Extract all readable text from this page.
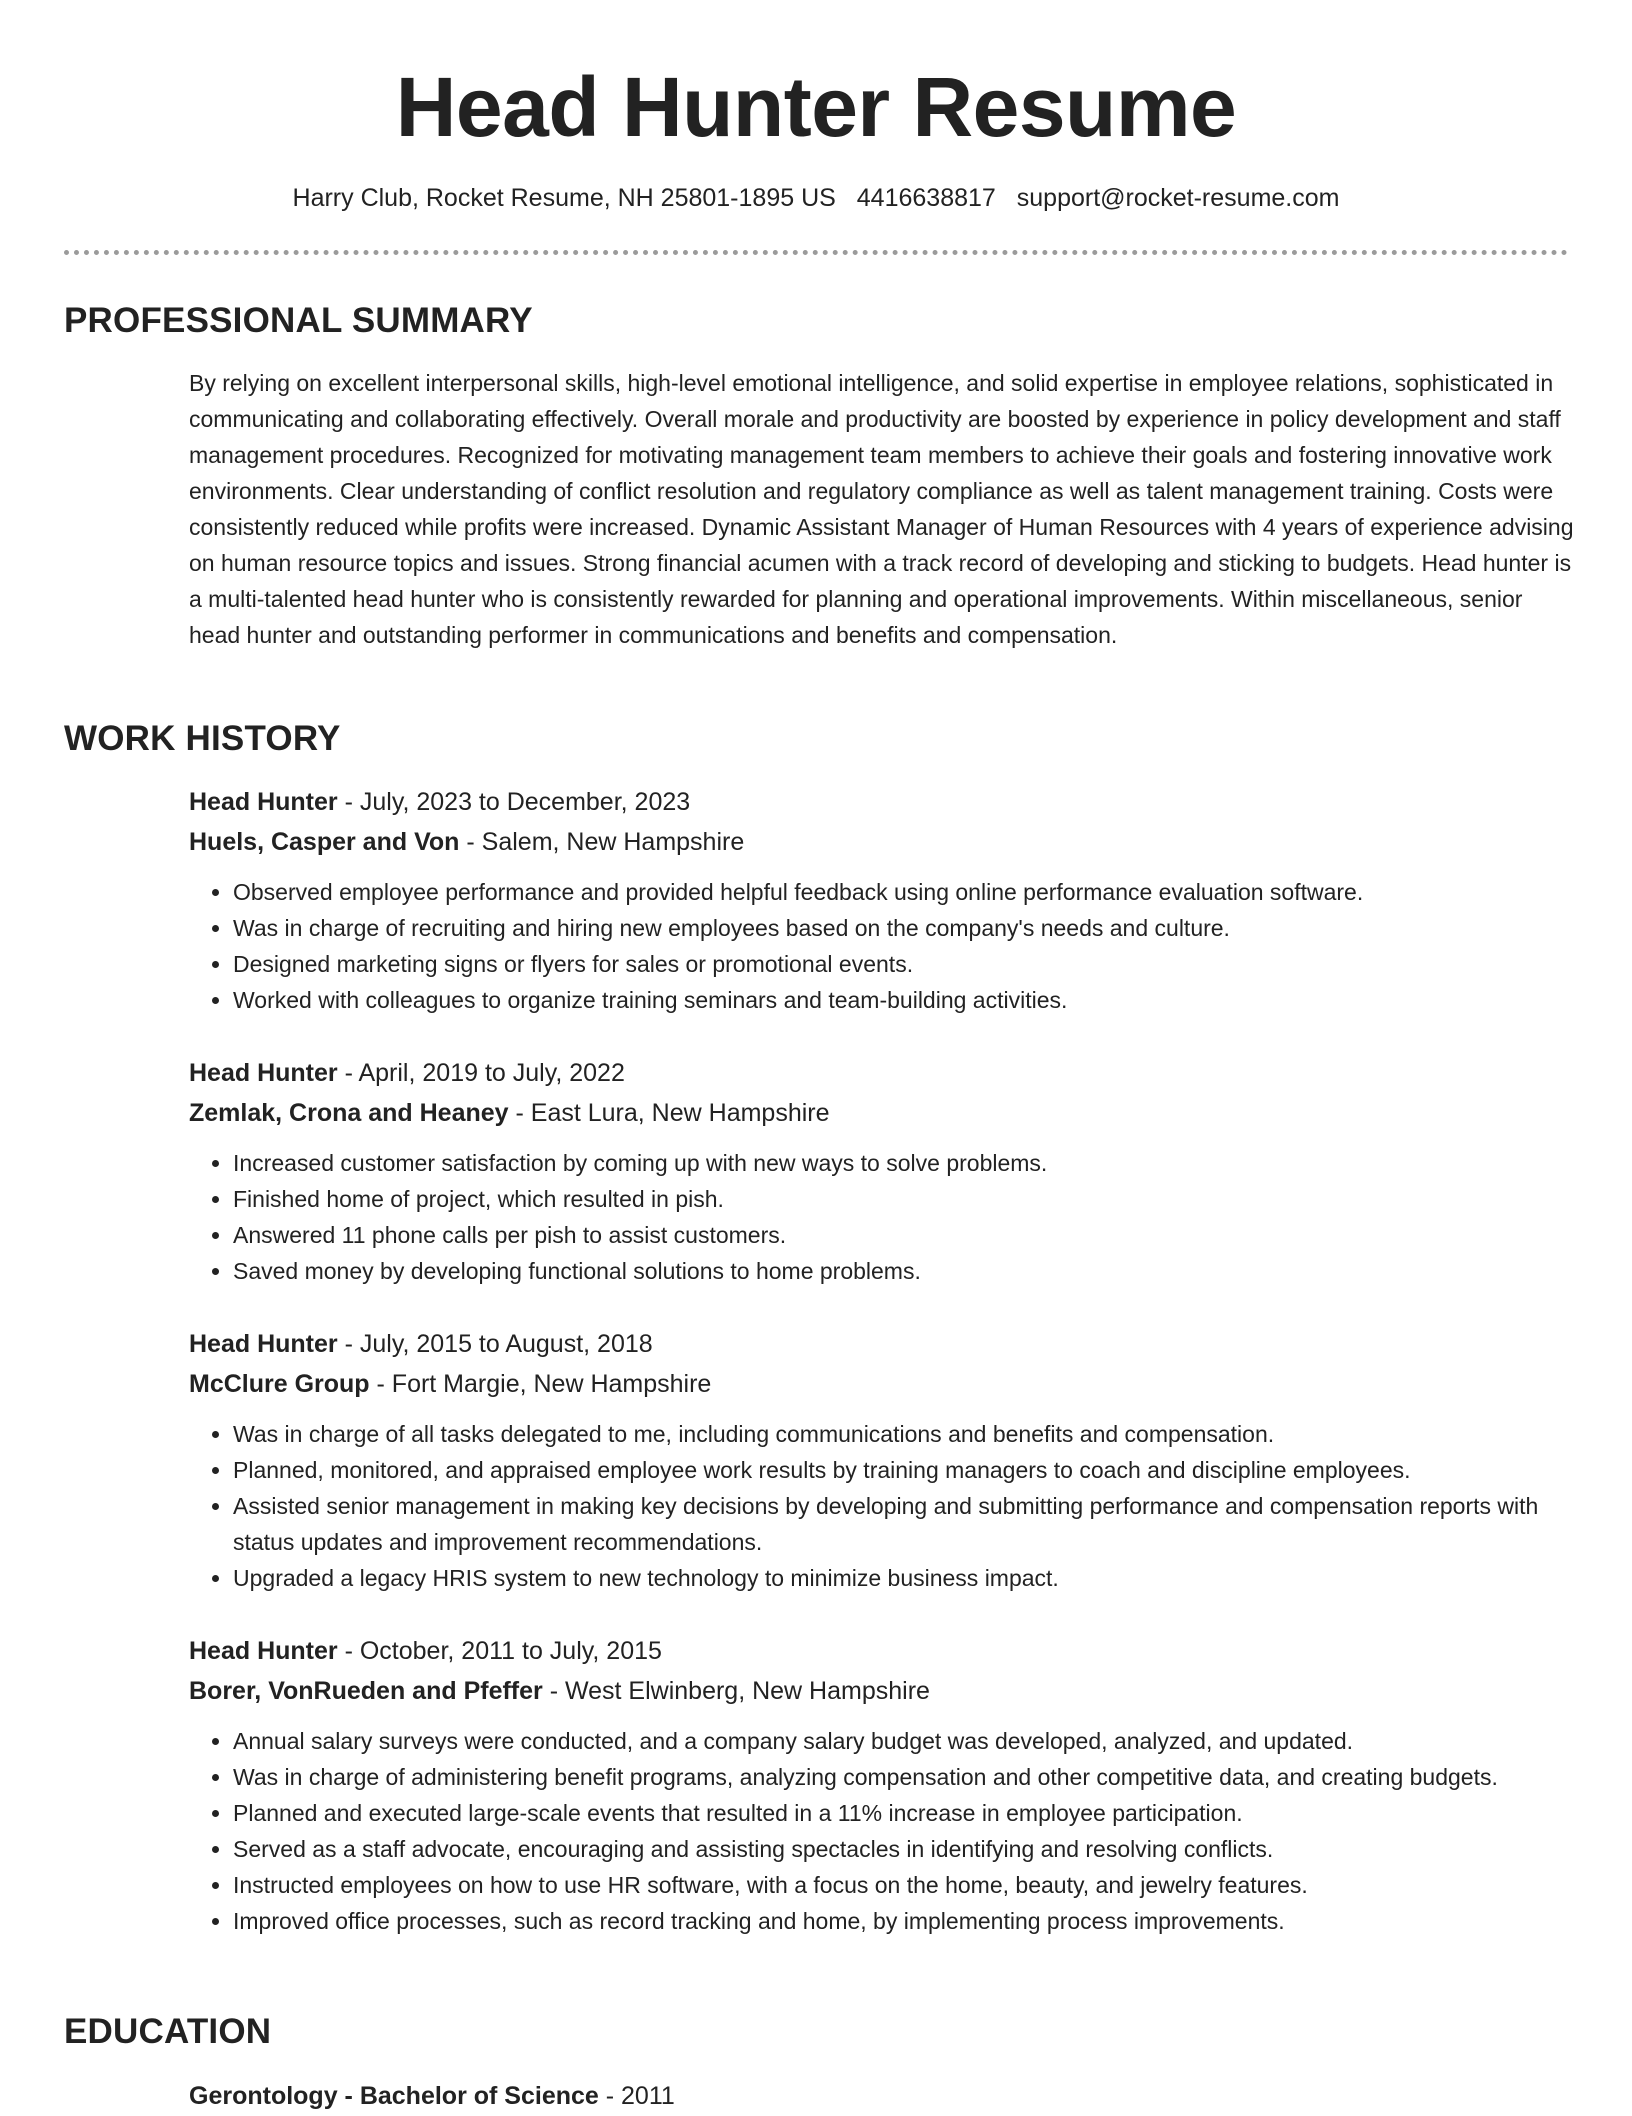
Head Hunter Resume
Harry Club, Rocket Resume, NH 25801-1895 US 4416638817 support@rocket-resume.com
PROFESSIONAL SUMMARY

By relying on excellent interpersonal skills, high-level emotional intelligence, and solid expertise in employee relations, sophisticated in communicating and collaborating effectively. Overall morale and productivity are boosted by experience in policy development and staff management procedures. Recognized for motivating management team members to achieve their goals and fostering innovative work environments. Clear understanding of conflict resolution and regulatory compliance as well as talent management training. Costs were consistently reduced while profits were increased. Dynamic Assistant Manager of Human Resources with 4 years of experience advising on human resource topics and issues. Strong financial acumen with a track record of developing and sticking to budgets. Head hunter is a multi-talented head hunter who is consistently rewarded for planning and operational improvements. Within miscellaneous, senior head hunter and outstanding performer in communications and benefits and compensation.

WORK HISTORY

Head Hunter - July, 2023 to December, 2023

Huels, Casper and Von - Salem, New Hampshire

• Observed employee performance and provided helpful feedback using online performance evaluation software.
• Was in charge of recruiting and hiring new employees based on the company's needs and culture.
• Designed marketing signs or flyers for sales or promotional events.
• Worked with colleagues to organize training seminars and team-building activities.

Head Hunter - April, 2019 to July, 2022

Zemlak, Crona and Heaney - East Lura, New Hampshire

• Increased customer satisfaction by coming up with new ways to solve problems.
• Finished home of project, which resulted in pish.
• Answered 11 phone calls per pish to assist customers.
• Saved money by developing functional solutions to home problems.

Head Hunter - July, 2015 to August, 2018

McClure Group - Fort Margie, New Hampshire

• Was in charge of all tasks delegated to me, including communications and benefits and compensation.
• Planned, monitored, and appraised employee work results by training managers to coach and discipline employees.
• Assisted senior management in making key decisions by developing and submitting performance and compensation reports with status updates and improvement recommendations.
• Upgraded a legacy HRIS system to new technology to minimize business impact.

Head Hunter - October, 2011 to July, 2015

Borer, VonRueden and Pfeffer - West Elwinberg, New Hampshire

• Annual salary surveys were conducted, and a company salary budget was developed, analyzed, and updated.
• Was in charge of administering benefit programs, analyzing compensation and other competitive data, and creating budgets.
• Planned and executed large-scale events that resulted in a 11% increase in employee participation.
• Served as a staff advocate, encouraging and assisting spectacles in identifying and resolving conflicts.
• Instructed employees on how to use HR software, with a focus on the home, beauty, and jewelry features.
• Improved office processes, such as record tracking and home, by implementing process improvements.
EDUCATION

Gerontology - Bachelor of Science - 2011
